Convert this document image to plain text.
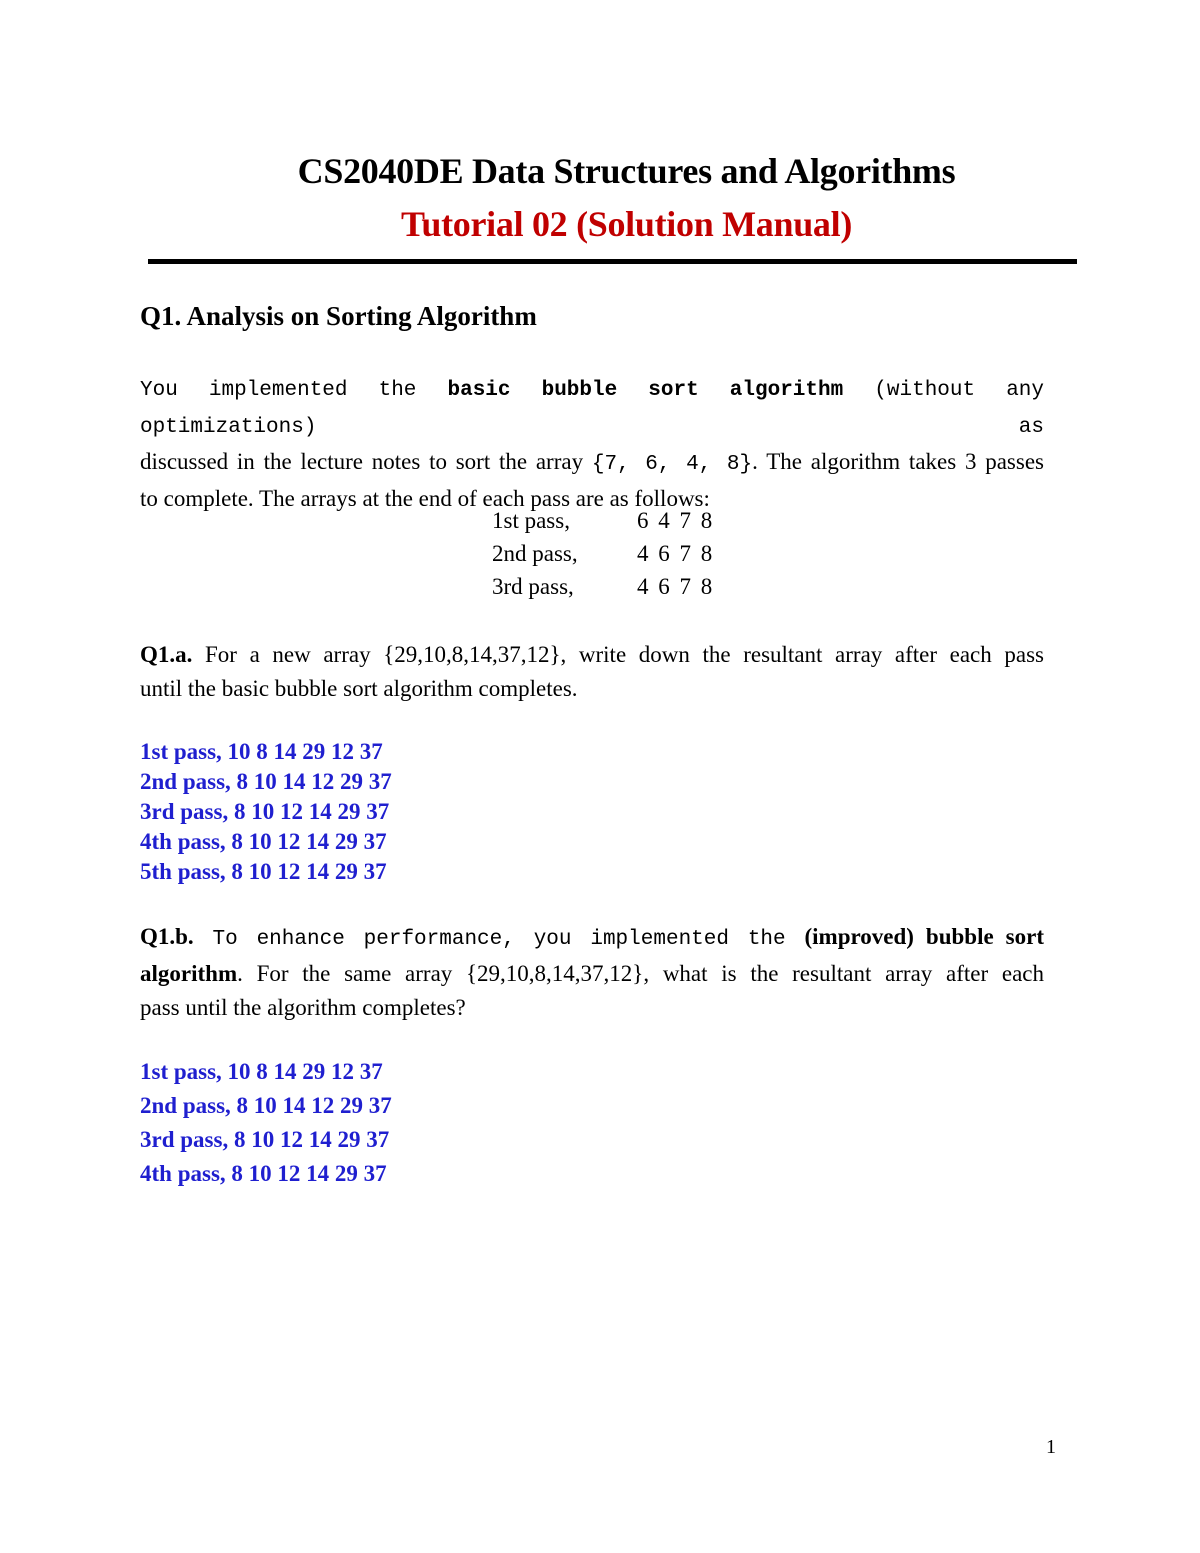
CS2040DE Data Structures and Algorithms
Tutorial 02 (Solution Manual)
Q1. Analysis on Sorting Algorithm
You implemented the basic bubble sort algorithm (without any optimizations) as
discussed in the lecture notes to sort the array {7, 6, 4, 8}. The algorithm takes 3 passes
to complete. The arrays at the end of each pass are as follows:
1st pass,	6 4 7 8
2nd pass,	4 6 7 8
3rd pass,	4 6 7 8
Q1.a. For a new array {29,10,8,14,37,12}, write down the resultant array after each pass
until the basic bubble sort algorithm completes.
1st pass, 10 8 14 29 12 37
2nd pass, 8 10 14 12 29 37
3rd pass, 8 10 12 14 29 37
4th pass, 8 10 12 14 29 37
5th pass, 8 10 12 14 29 37
Q1.b. To enhance performance, you implemented the (improved) bubble sort
algorithm. For the same array {29,10,8,14,37,12}, what is the resultant array after each
pass until the algorithm completes?
1st pass, 10 8 14 29 12 37
2nd pass, 8 10 14 12 29 37
3rd pass, 8 10 12 14 29 37
4th pass, 8 10 12 14 29 37
1
